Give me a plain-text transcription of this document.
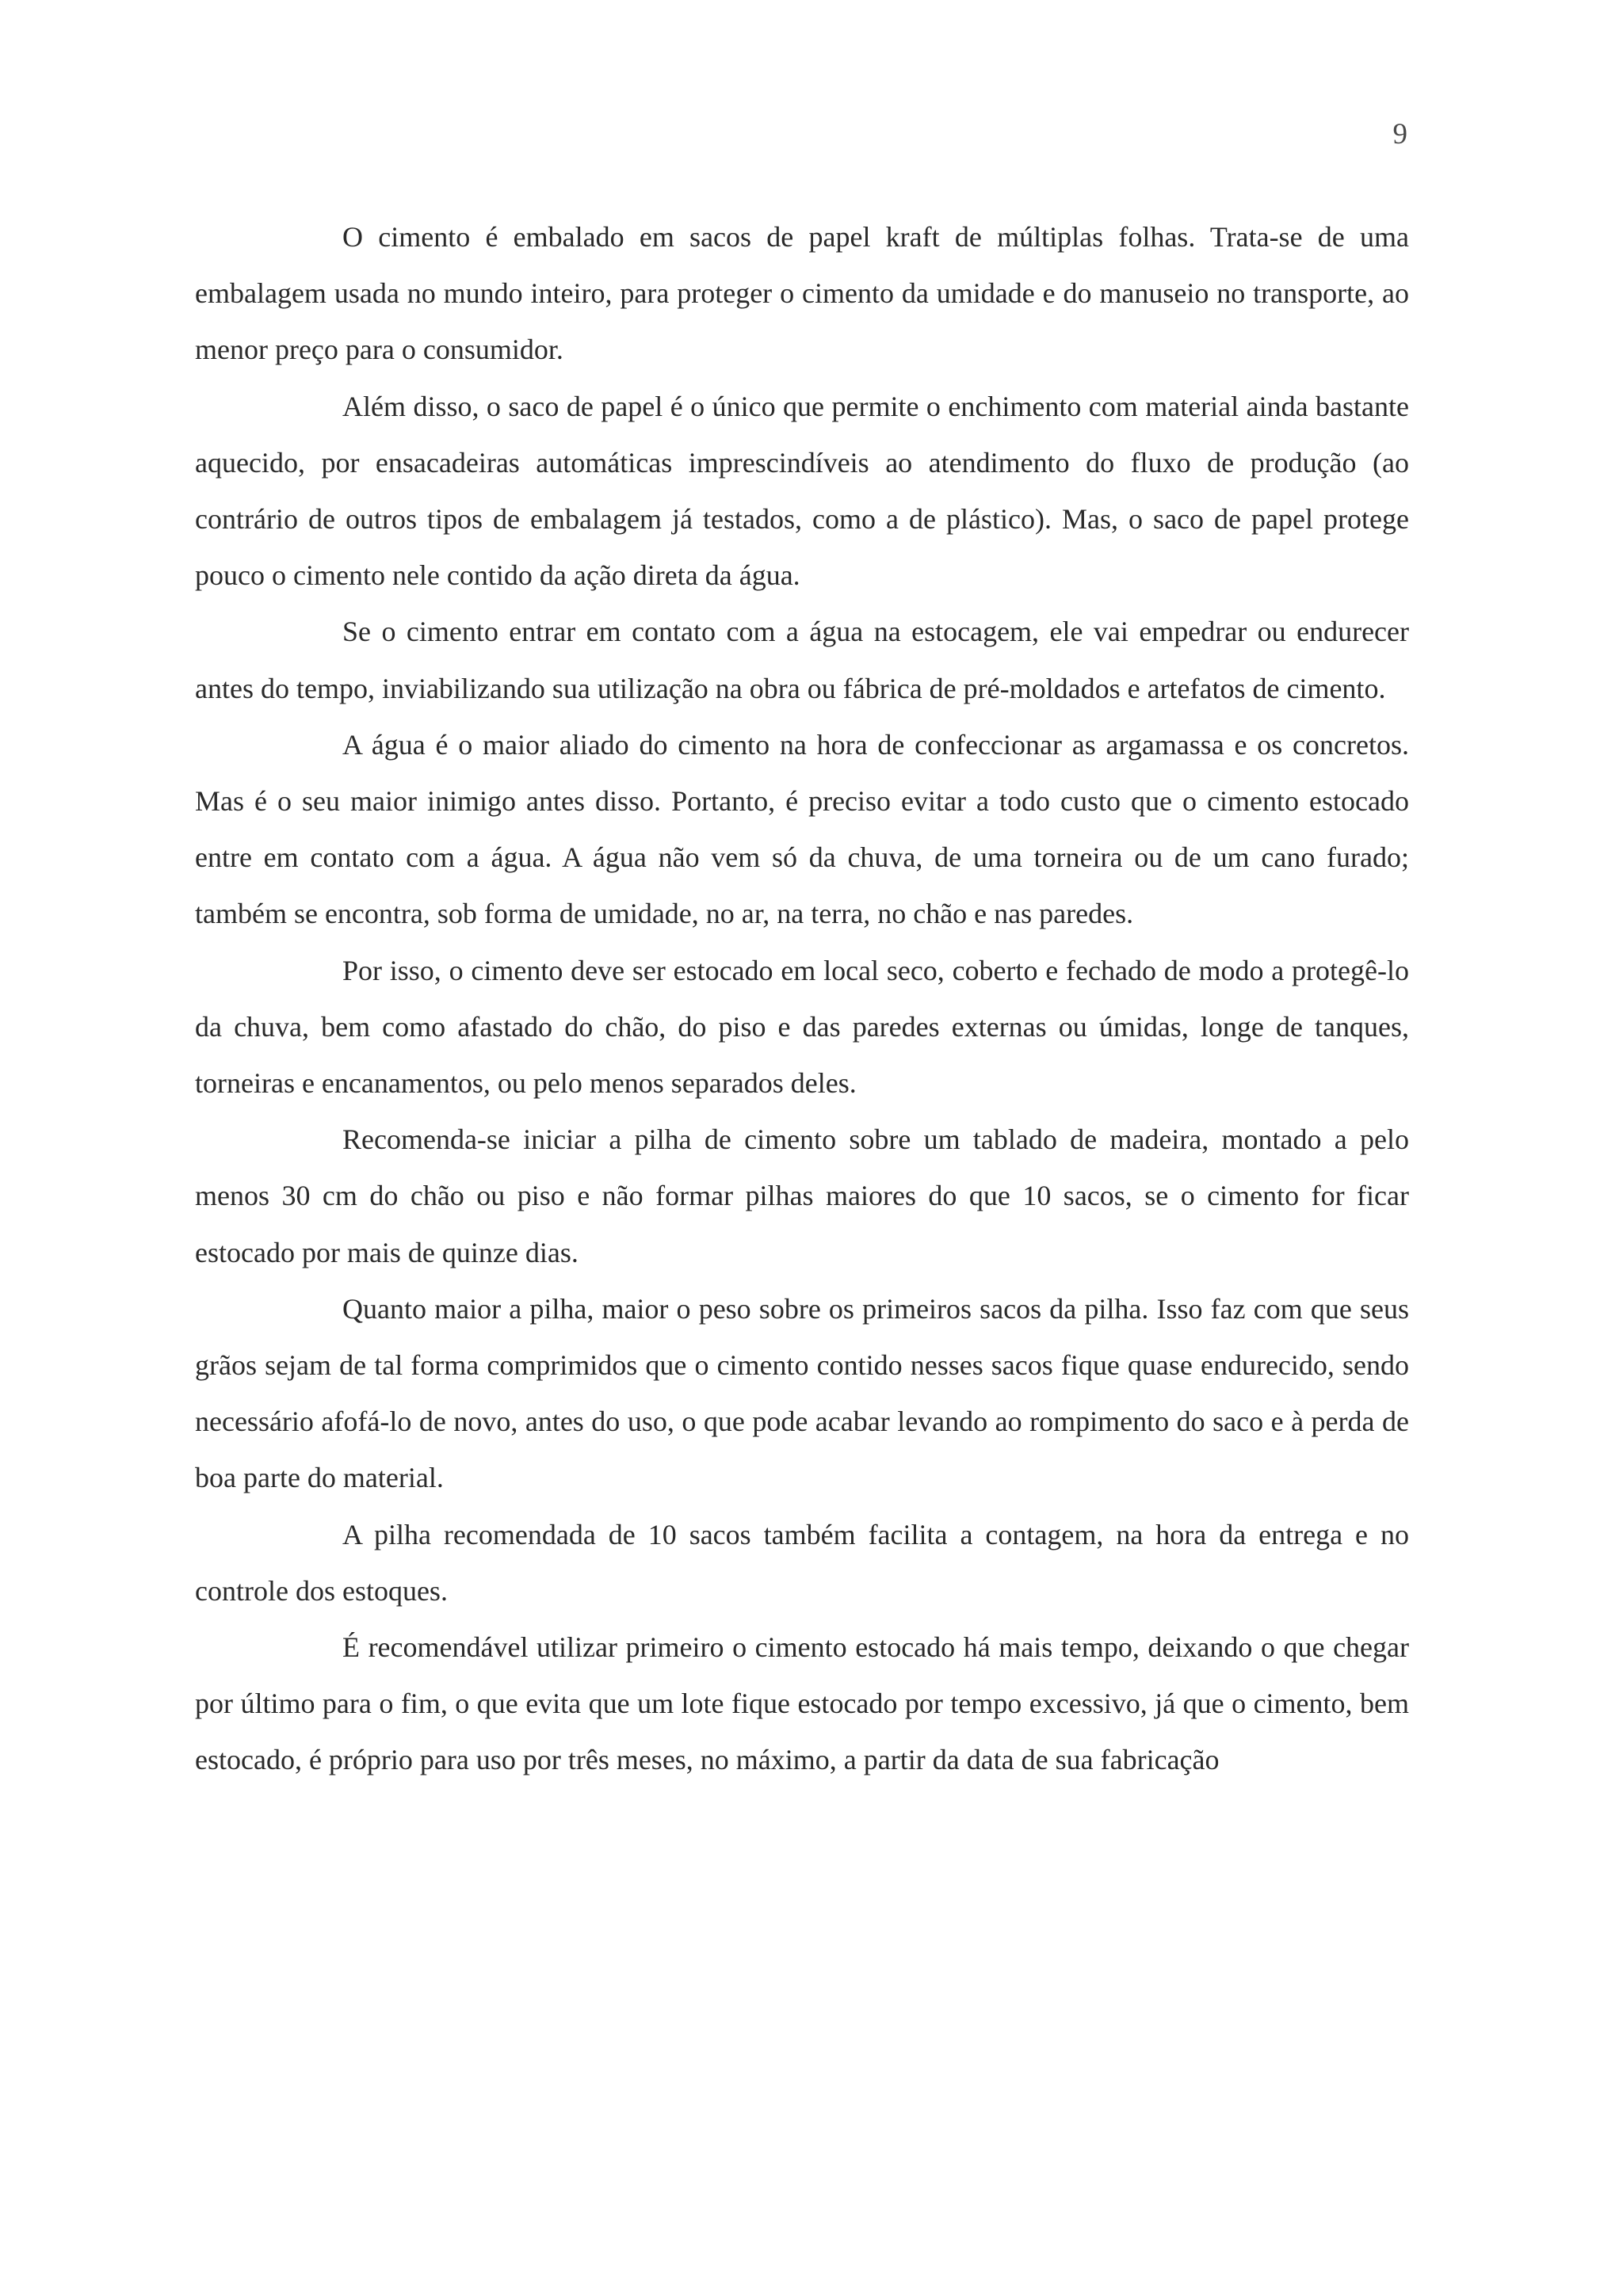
9

O cimento é embalado em sacos de papel kraft de múltiplas folhas. Trata-se de uma embalagem usada no mundo inteiro, para proteger o cimento da umidade e do manuseio no transporte, ao menor preço para o consumidor.

Além disso, o saco de papel é o único que permite o enchimento com material ainda bastante aquecido, por ensacadeiras automáticas imprescindíveis ao atendimento do fluxo de produção (ao contrário de outros tipos de embalagem já testados, como a de plástico). Mas, o saco de papel protege pouco o cimento nele contido da ação direta da água.

Se o cimento entrar em contato com a água na estocagem, ele vai empedrar ou endurecer antes do tempo, inviabilizando sua utilização na obra ou fábrica de pré-moldados e artefatos de cimento.

A água é o maior aliado do cimento na hora de confeccionar as argamassa e os concretos. Mas é o seu maior inimigo antes disso. Portanto, é preciso evitar a todo custo que o cimento estocado entre em contato com a água. A água não vem só da chuva, de uma torneira ou de um cano furado; também se encontra, sob forma de umidade, no ar, na terra, no chão e nas paredes.

Por isso, o cimento deve ser estocado em local seco, coberto e fechado de modo a protegê-lo da chuva, bem como afastado do chão, do piso e das paredes externas ou úmidas, longe de tanques, torneiras e encanamentos, ou pelo menos separados deles.

Recomenda-se iniciar a pilha de cimento sobre um tablado de madeira, montado a pelo menos 30 cm do chão ou piso e não formar pilhas maiores do que 10 sacos, se o cimento for ficar estocado por mais de quinze dias.

Quanto maior a pilha, maior o peso sobre os primeiros sacos da pilha. Isso faz com que seus grãos sejam de tal forma comprimidos que o cimento contido nesses sacos fique quase endurecido, sendo necessário afofá-lo de novo, antes do uso, o que pode acabar levando ao rompimento do saco e à perda de boa parte do material.

A pilha recomendada de 10 sacos também facilita a contagem, na hora da entrega e no controle dos estoques.

É recomendável utilizar primeiro o cimento estocado há mais tempo, deixando o que chegar por último para o fim, o que evita que um lote fique estocado por tempo excessivo, já que o cimento, bem estocado, é próprio para uso por três meses, no máximo, a partir da data de sua fabricação
